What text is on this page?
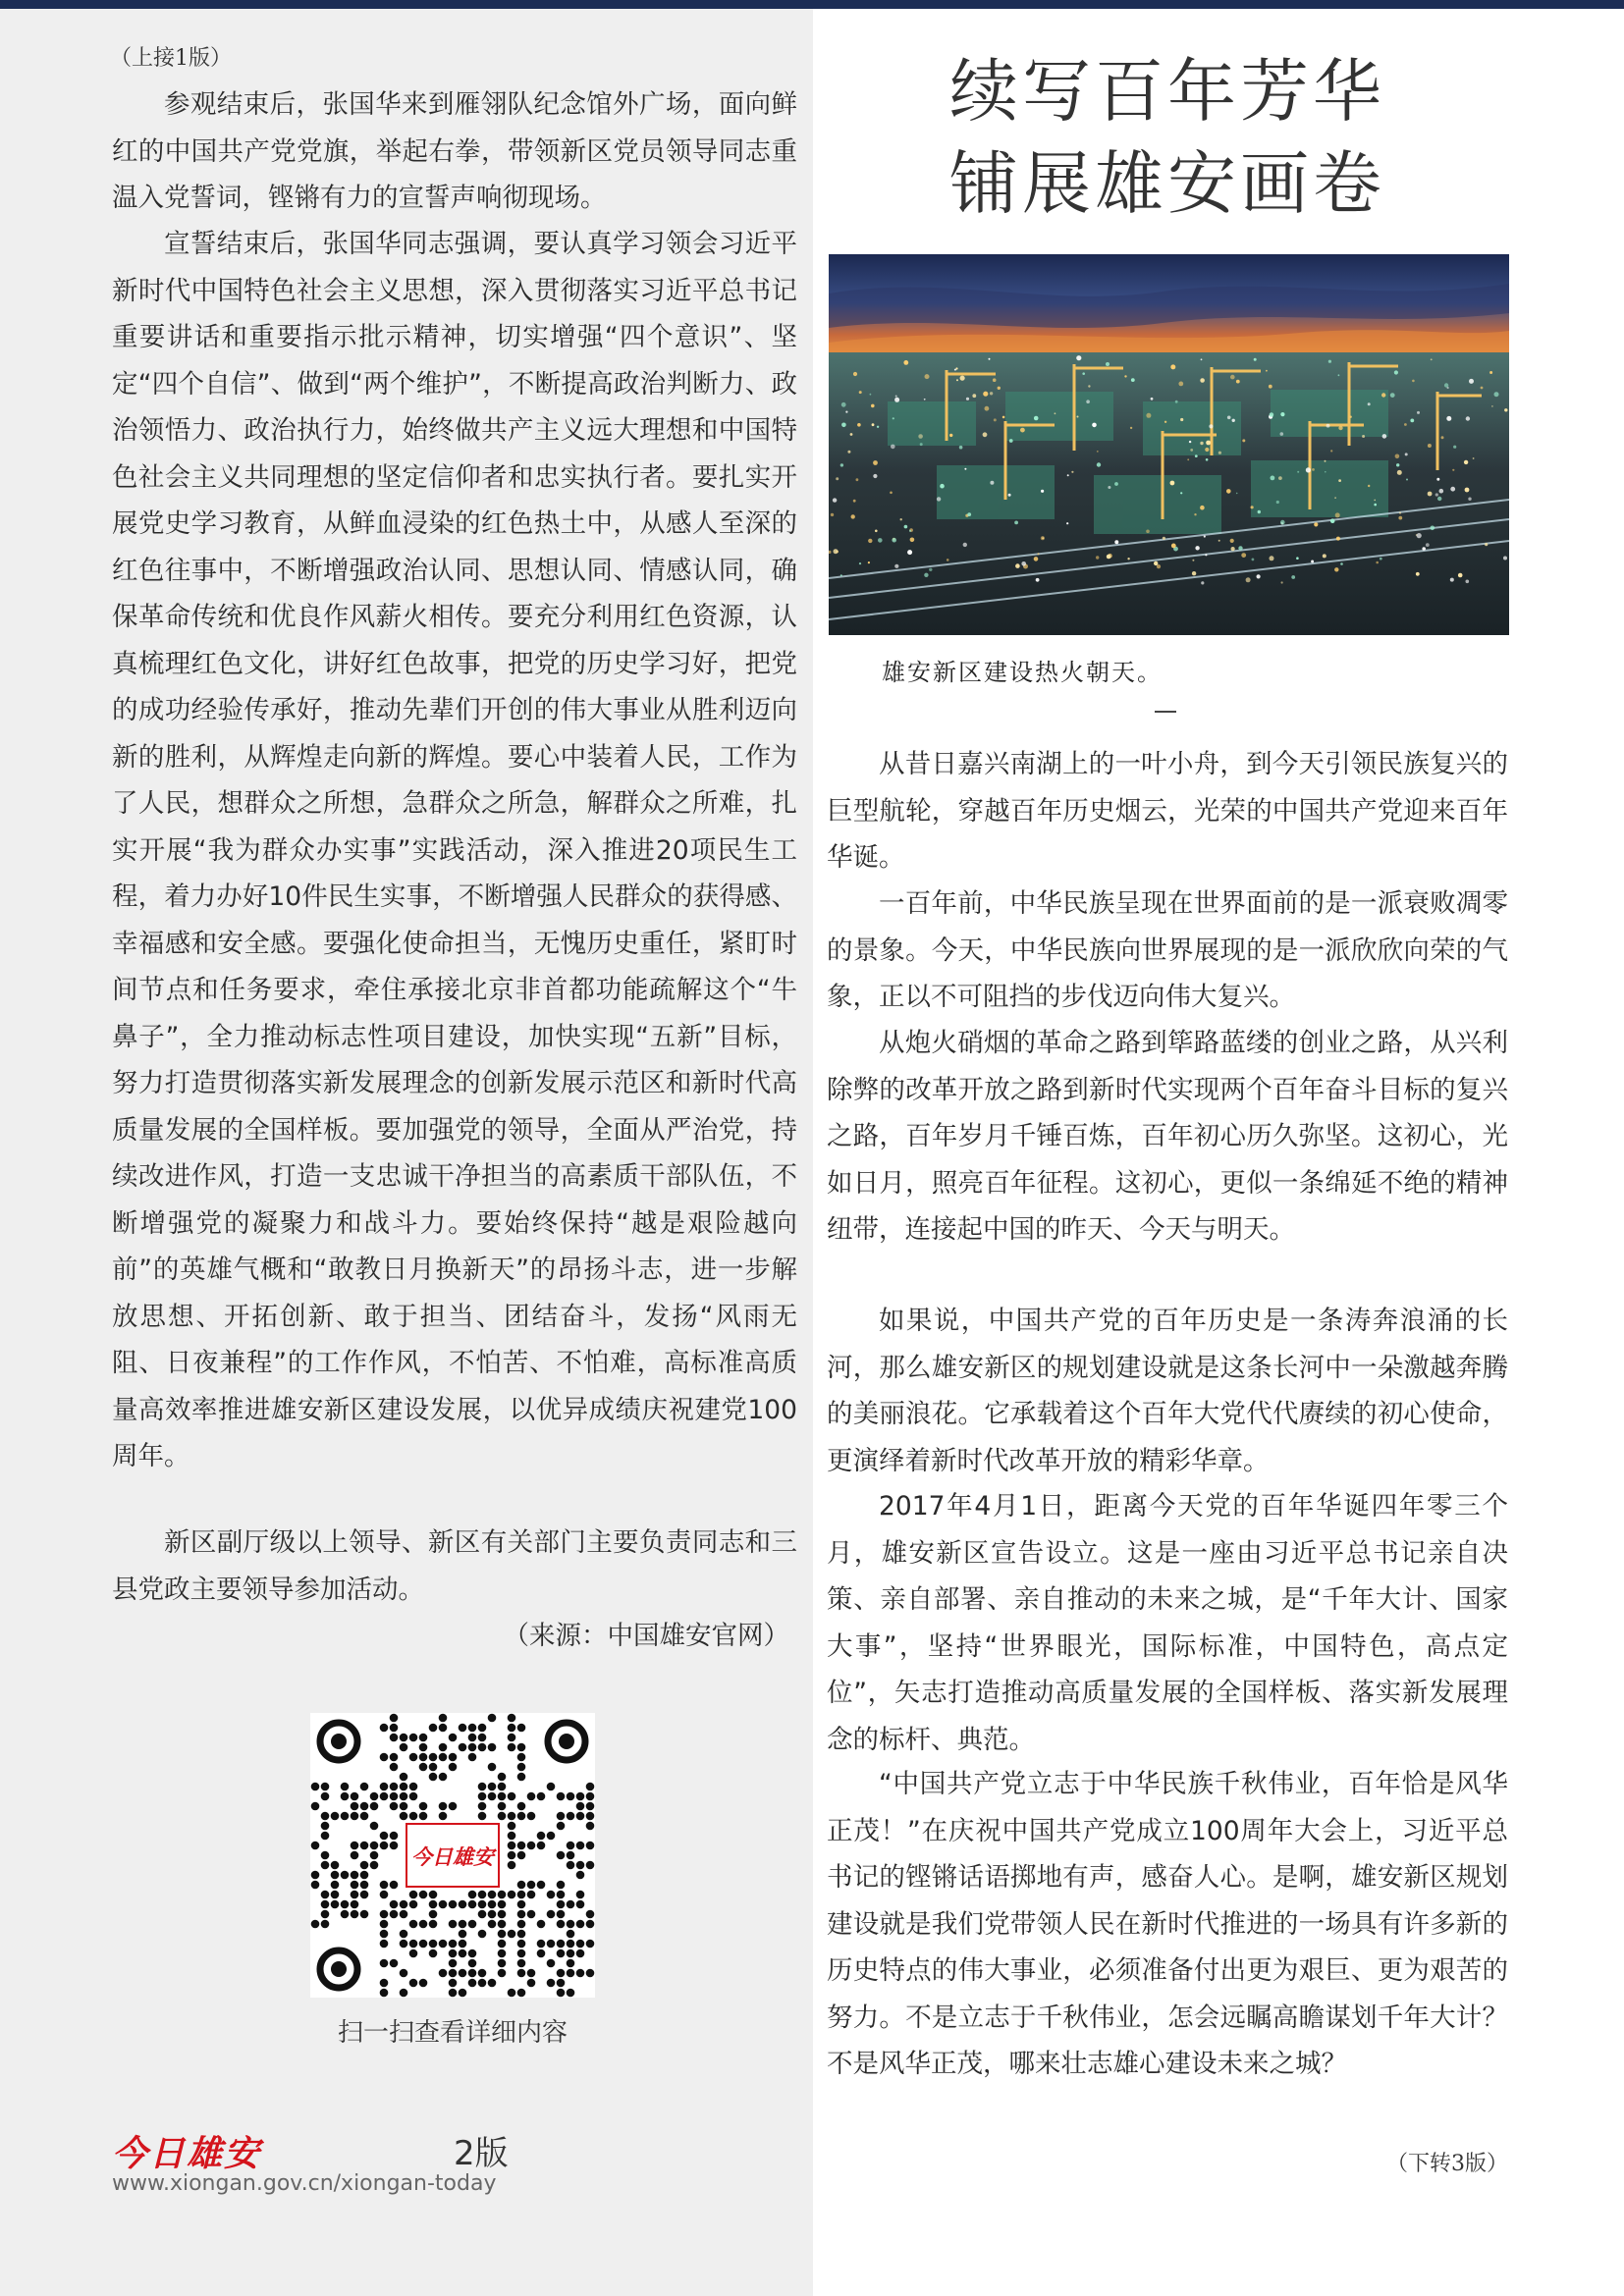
（上接1版）

参观结束后，张国华来到雁翎队纪念馆外广场，面向鲜红的中国共产党党旗，举起右拳，带领新区党员领导同志重温入党誓词，铿锵有力的宣誓声响彻现场。

宣誓结束后，张国华同志强调，要认真学习领会习近平新时代中国特色社会主义思想，深入贯彻落实习近平总书记重要讲话和重要指示批示精神，切实增强“四个意识”、坚定“四个自信”、做到“两个维护”，不断提高政治判断力、政治领悟力、政治执行力，始终做共产主义远大理想和中国特色社会主义共同理想的坚定信仰者和忠实执行者。要扎实开展党史学习教育，从鲜血浸染的红色热土中，从感人至深的红色往事中，不断增强政治认同、思想认同、情感认同，确保革命传统和优良作风薪火相传。要充分利用红色资源，认真梳理红色文化，讲好红色故事，把党的历史学习好，把党的成功经验传承好，推动先辈们开创的伟大事业从胜利迈向新的胜利，从辉煌走向新的辉煌。要心中装着人民，工作为了人民，想群众之所想，急群众之所急，解群众之所难，扎实开展“我为群众办实事”实践活动，深入推进20项民生工程，着力办好10件民生实事，不断增强人民群众的获得感、幸福感和安全感。要强化使命担当，无愧历史重任，紧盯时间节点和任务要求，牵住承接北京非首都功能疏解这个“牛鼻子”，全力推动标志性项目建设，加快实现“五新”目标，努力打造贯彻落实新发展理念的创新发展示范区和新时代高质量发展的全国样板。要加强党的领导，全面从严治党，持续改进作风，打造一支忠诚干净担当的高素质干部队伍，不断增强党的凝聚力和战斗力。要始终保持“越是艰险越向前”的英雄气概和“敢教日月换新天”的昂扬斗志，进一步解放思想、开拓创新、敢于担当、团结奋斗，发扬“风雨无阻、日夜兼程”的工作作风，不怕苦、不怕难，高标准高质量高效率推进雄安新区建设发展，以优异成绩庆祝建党100周年。

新区副厅级以上领导、新区有关部门主要负责同志和三县党政主要领导参加活动。

（来源：中国雄安官网）
今日雄安
扫一扫查看详细内容
今日雄安	2版
www.xiongan.gov.cn/xiongan-today
续写百年芳华
铺展雄安画卷
雄安新区建设热火朝天。

从昔日嘉兴南湖上的一叶小舟，到今天引领民族复兴的巨型航轮，穿越百年历史烟云，光荣的中国共产党迎来百年华诞。

一百年前，中华民族呈现在世界面前的是一派衰败凋零的景象。今天，中华民族向世界展现的是一派欣欣向荣的气象，正以不可阻挡的步伐迈向伟大复兴。

从炮火硝烟的革命之路到筚路蓝缕的创业之路，从兴利除弊的改革开放之路到新时代实现两个百年奋斗目标的复兴之路，百年岁月千锤百炼，百年初心历久弥坚。这初心，光如日月，照亮百年征程。这初心，更似一条绵延不绝的精神纽带，连接起中国的昨天、今天与明天。

如果说，中国共产党的百年历史是一条涛奔浪涌的长河，那么雄安新区的规划建设就是这条长河中一朵激越奔腾的美丽浪花。它承载着这个百年大党代代赓续的初心使命，更演绎着新时代改革开放的精彩华章。

2017年4月1日，距离今天党的百年华诞四年零三个月，雄安新区宣告设立。这是一座由习近平总书记亲自决策、亲自部署、亲自推动的未来之城，是“千年大计、国家大事”，坚持“世界眼光，国际标准，中国特色，高点定位”，矢志打造推动高质量发展的全国样板、落实新发展理念的标杆、典范。

“中国共产党立志于中华民族千秋伟业，百年恰是风华正茂！”在庆祝中国共产党成立100周年大会上，习近平总书记的铿锵话语掷地有声，感奋人心。是啊，雄安新区规划建设就是我们党带领人民在新时代推进的一场具有许多新的历史特点的伟大事业，必须准备付出更为艰巨、更为艰苦的努力。不是立志于千秋伟业，怎会远瞩高瞻谋划千年大计？不是风华正茂，哪来壮志雄心建设未来之城？

（下转3版）
